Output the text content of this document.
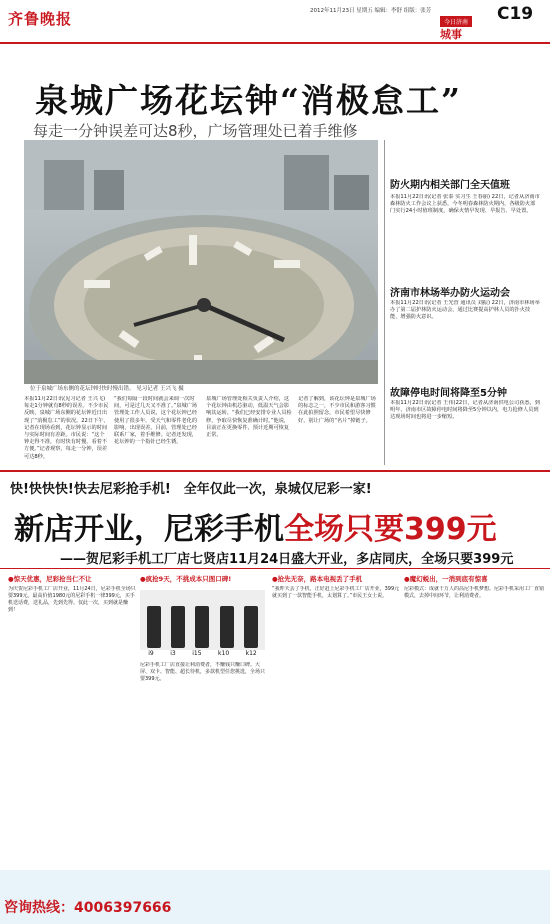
齐鲁晚报	2012年11月23日 星期五 编辑：李舒 组版：张芳
今日济南
城事
C19
泉城广场花坛钟“消极怠工”
每走一分钟误差可达8秒，广场管理处已着手维修
位于泉城广场东侧的花坛钟时快时慢出错。 见习记者 王兴飞 摄
本报11月22日讯(见习记者 王兴飞) 每走1分钟就有8秒的误差。不少市民反映，泉城广场东侧的花坛钟近日出现了“消极怠工”的状况。22日下午，记者在现场看到，花坛钟显示的时间与实际时间有差距。市民说：“这个钟走得不准，有时快有时慢，看着不方便。”记者观察，每走一分钟，误差可达8秒。
“我们每隔一段时间就会来调一次时间，可是过几天又不准了。”泉城广场管理处工作人员说，这个花坛钟已经使用了很多年，受天气和零件老化的影响，出现误差。目前，管理处已经联系厂家，着手维修。记者还发现，花坛钟的一个指针已经生锈。
泉城广场管理处相关负责人介绍，这个花坛钟由机芯驱动，低温天气会影响其运转。“我们已经安排专业人员检修，争取尽快恢复准确计时。”他说，目前正在更换零件，预计近期可恢复正常。
记者了解到，该花坛钟是泉城广场的标志之一，不少市民和游客习惯在此拍照留念，市民希望尽快修好，别让广场的“名片”掉链子。
防火期内相关部门全天值班
本报11月22日讯(记者 张泰 实习生 王春丽) 22日，记者从济南市森林防火工作会议上获悉，今冬明春森林防火期内，各级防火部门实行24小时值班制度，确保火情早发现、早报告、早处置。
济南市林场举办防火运动会
本报11月22日讯(记者 王光营 通讯员 刘振) 22日，济南市林场举办了第二届护林防火运动会，通过比赛提高护林人员的扑火技能，增强防火意识。
故障停电时间将降至5分钟
本报11月22日讯(记者 王伟)22日，记者从济南供电公司获悉，到明年，济南市区故障停电时间将降至5分钟以内，电力抢修人员到达现场时间也将进一步缩短。
快!快快快!快去尼彩抢手机!　全年仅此一次，泉城仅尼彩一家!
新店开业，尼彩手机全场只要399元
——贺尼彩手机工厂店七贤店11月24日盛大开业，多店同庆，全场只要399元
●惊天优惠，尼彩抢当仁不让
为庆贺尼彩手机工厂店开业，11月24日，尼彩手机全场只要399元。最高价值1980元的尼彩手机一律399元，买手机送话费，送礼品，先到先得。仅此一次，买到就是赚到！
●疯抢9天，不挑成本只图口碑!
i9	i3	i15	k10	k12
尼彩手机工厂店直接让利消费者，不赚钱只赚口碑。大屏、双卡、智能、超长待机，多款机型任您挑选，全场只要399元。
●抢先无奈，路本电视丢了手机
“我昨天丢了手机，正好赶上尼彩手机工厂店开业，399元就买到了一款智能手机，太划算了。”市民王女士说。
●魔幻蜕出，一消到底有惊喜
尼彩模式：成就千万人的高尼手机梦想。尼彩手机采用工厂直销模式，去掉中间环节，让利消费者。
咨询热线：4006397666
